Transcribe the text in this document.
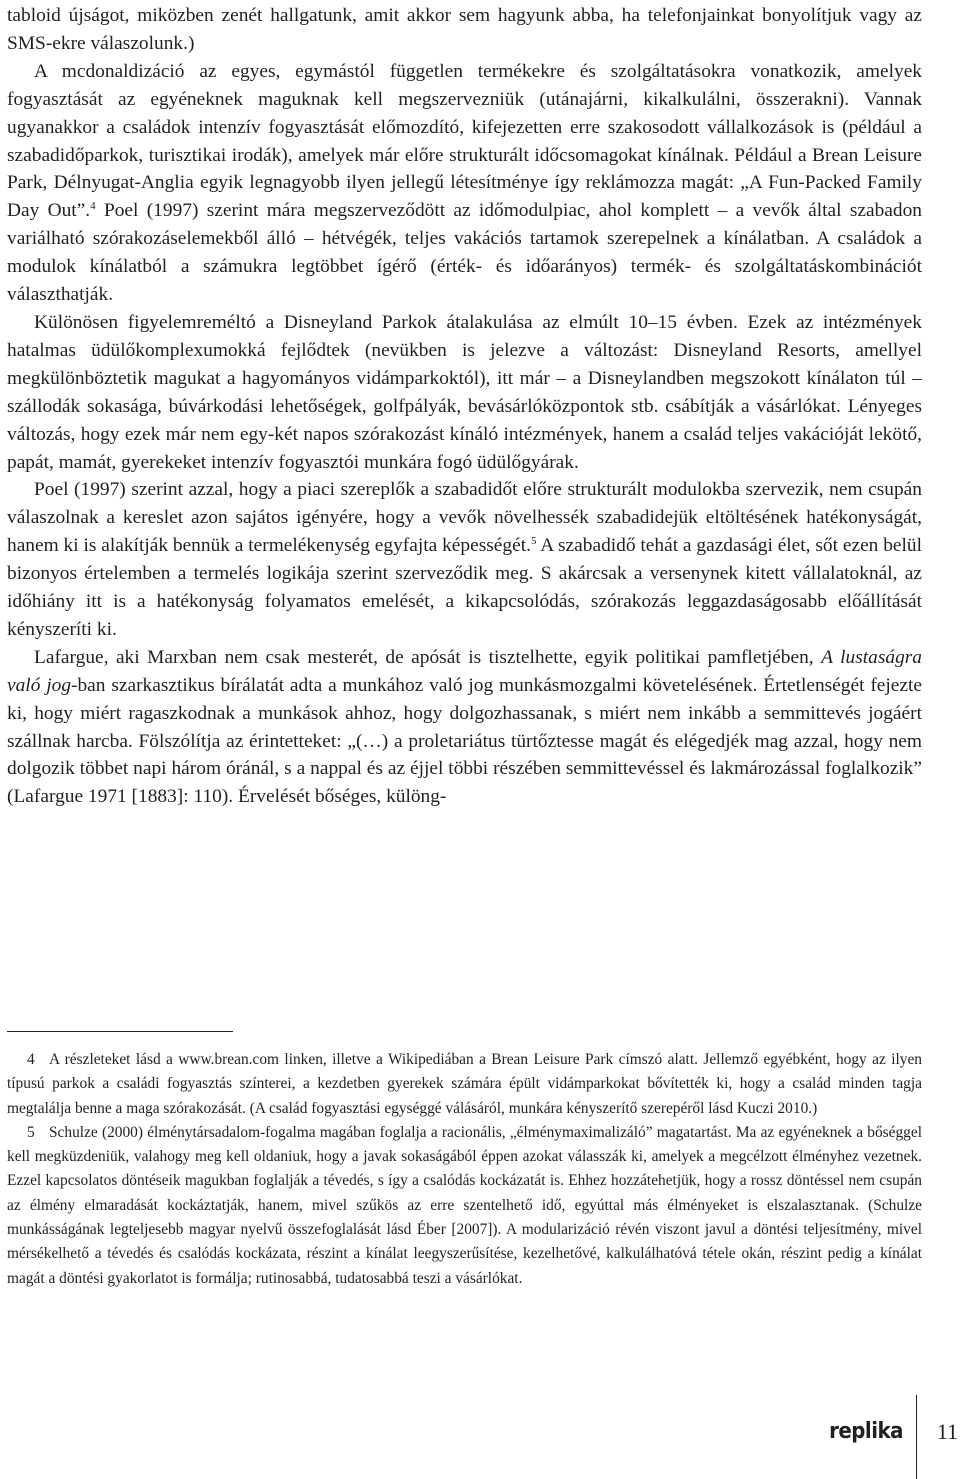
tabloid újságot, miközben zenét hallgatunk, amit akkor sem hagyunk abba, ha telefonjainkat bonyolítjuk vagy az SMS-ekre válaszolunk.)

A mcdonaldizáció az egyes, egymástól független termékekre és szolgáltatásokra vonatkozik, amelyek fogyasztását az egyéneknek maguknak kell megszervezniük (utánajárni, kikalkulálni, összerakni). Vannak ugyanakkor a családok intenzív fogyasztását előmozdító, kifejezetten erre szakosodott vállalkozások is (például a szabadidőparkok, turisztikai irodák), amelyek már előre strukturált időcsomagokat kínálnak. Például a Brean Leisure Park, Délnyugat-Anglia egyik legnagyobb ilyen jellegű létesítménye így reklámozza magát: „A Fun-Packed Family Day Out”.$^4$ Poel (1997) szerint mára megszerveződött az időmodulpiac, ahol komplett – a vevők által szabadon variálható szórakozáselemekből álló – hétvégék, teljes vakációs tartamok szerepelnek a kínálatban. A családok a modulok kínálatból a számukra legtöbbet ígérő (érték- és időarányos) termék- és szolgáltatáskombinációt választhatják.

Különösen figyelemreméltó a Disneyland Parkok átalakulása az elmúlt 10–15 évben. Ezek az intézmények hatalmas üdülőkomplexumokká fejlődtek (nevükben is jelezve a változást: Disneyland Resorts, amellyel megkülönböztetik magukat a hagyományos vidámparkoktól), itt már – a Disneylandben megszokott kínálaton túl – szállodák sokasága, búvárkodási lehetőségek, golfpályák, bevásárlóközpontok stb. csábítják a vásárlókat. Lényeges változás, hogy ezek már nem egy-két napos szórakozást kínáló intézmények, hanem a család teljes vakációját lekötő, papát, mamát, gyerekeket intenzív fogyasztói munkára fogó üdülőgyárak.

Poel (1997) szerint azzal, hogy a piaci szereplők a szabadidőt előre strukturált modulokba szervezik, nem csupán válaszolnak a kereslet azon sajátos igényére, hogy a vevők növelhessék szabadidejük eltöltésének hatékonyságát, hanem ki is alakítják bennük a termelékenység egyfajta képességét.$^5$ A szabadidő tehát a gazdasági élet, sőt ezen belül bizonyos értelemben a termelés logikája szerint szerveződik meg. S akárcsak a versenynek kitett vállalatoknál, az időhiány itt is a hatékonyság folyamatos emelését, a kikapcsolódás, szórakozás leggazdaságosabb előállítását kényszeríti ki.

Lafargue, aki Marxban nem csak mesterét, de apósát is tisztelhette, egyik politikai pamfletjében, A lustaságra való jog-ban szarkasztikus bírálatát adta a munkához való jog munkásmozgalmi követelésének. Értetlenségét fejezte ki, hogy miért ragaszkodnak a munkások ahhoz, hogy dolgozhassanak, s miért nem inkább a semmittevés jogáért szállnak harcba. Fölszólítja az érintetteket: „(…) a proletariátus türtőztesse magát és elégedjék mag azzal, hogy nem dolgozik többet napi három óránál, s a nappal és az éjjel többi részében semmittevéssel és lakmározással foglalkozik” (Lafargue 1971 [1883]: 110). Érvelését bőséges, különg-

4 A részleteket lásd a www.brean.com linken, illetve a Wikipediában a Brean Leisure Park címszó alatt. Jellemző egyébként, hogy az ilyen típusú parkok a családi fogyasztás színterei, a kezdetben gyerekek számára épült vidámparkokat bővítették ki, hogy a család minden tagja megtalálja benne a maga szórakozását. (A család fogyasztási egységgé válásáról, munkára kényszerítő szerepéről lásd Kuczi 2010.)

5 Schulze (2000) élménytársadalom-fogalma magában foglalja a racionális, „élménymaximalizáló” magatartást. Ma az egyéneknek a bőséggel kell megküzdeniük, valahogy meg kell oldaniuk, hogy a javak sokaságából éppen azokat válasszák ki, amelyek a megcélzott élményhez vezetnek. Ezzel kapcsolatos döntéseik magukban foglalják a tévedés, s így a csalódás kockázatát is. Ehhez hozzátehetjük, hogy a rossz döntéssel nem csupán az élmény elmaradását kockáztatják, hanem, mivel szűkös az erre szentelhető idő, egyúttal más élményeket is elszalasztanak. (Schulze munkásságának legteljesebb magyar nyelvű összefoglalását lásd Éber [2007]). A modularizáció révén viszont javul a döntési teljesítmény, mivel mérsékelhető a tévedés és csalódás kockázata, részint a kínálat leegyszerűsítése, kezelhetővé, kalkulálhatóvá tétele okán, részint pedig a kínálat magát a döntési gyakorlatot is formálja; rutinosabbá, tudatosabbá teszi a vásárlókat.

replika 11
